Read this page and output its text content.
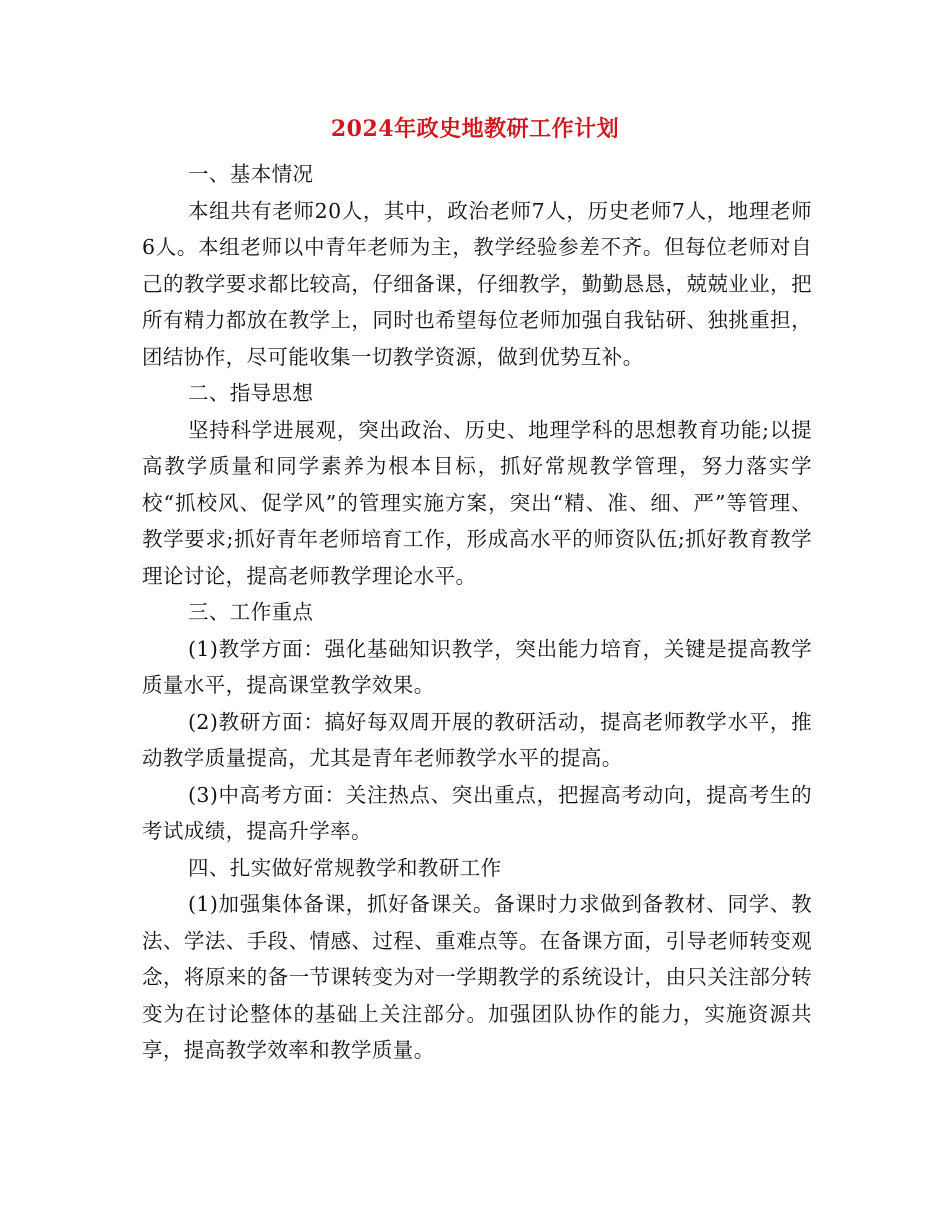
2024年政史地教研工作计划

一、基本情况

本组共有老师20人，其中，政治老师7人，历史老师7人，地理老师6人。本组老师以中青年老师为主，教学经验参差不齐。但每位老师对自己的教学要求都比较高，仔细备课，仔细教学，勤勤恳恳，兢兢业业，把所有精力都放在教学上，同时也希望每位老师加强自我钻研、独挑重担，团结协作，尽可能收集一切教学资源，做到优势互补。

二、指导思想

坚持科学进展观，突出政治、历史、地理学科的思想教育功能;以提高教学质量和同学素养为根本目标，抓好常规教学管理，努力落实学校“抓校风、促学风”的管理实施方案，突出“精、准、细、严”等管理、教学要求;抓好青年老师培育工作，形成高水平的师资队伍;抓好教育教学理论讨论，提高老师教学理论水平。

三、工作重点

(1)教学方面：强化基础知识教学，突出能力培育，关键是提高教学质量水平，提高课堂教学效果。

(2)教研方面：搞好每双周开展的教研活动，提高老师教学水平，推动教学质量提高，尤其是青年老师教学水平的提高。

(3)中高考方面：关注热点、突出重点，把握高考动向，提高考生的考试成绩，提高升学率。

四、扎实做好常规教学和教研工作

(1)加强集体备课，抓好备课关。备课时力求做到备教材、同学、教法、学法、手段、情感、过程、重难点等。在备课方面，引导老师转变观念，将原来的备一节课转变为对一学期教学的系统设计，由只关注部分转变为在讨论整体的基础上关注部分。加强团队协作的能力，实施资源共享，提高教学效率和教学质量。
